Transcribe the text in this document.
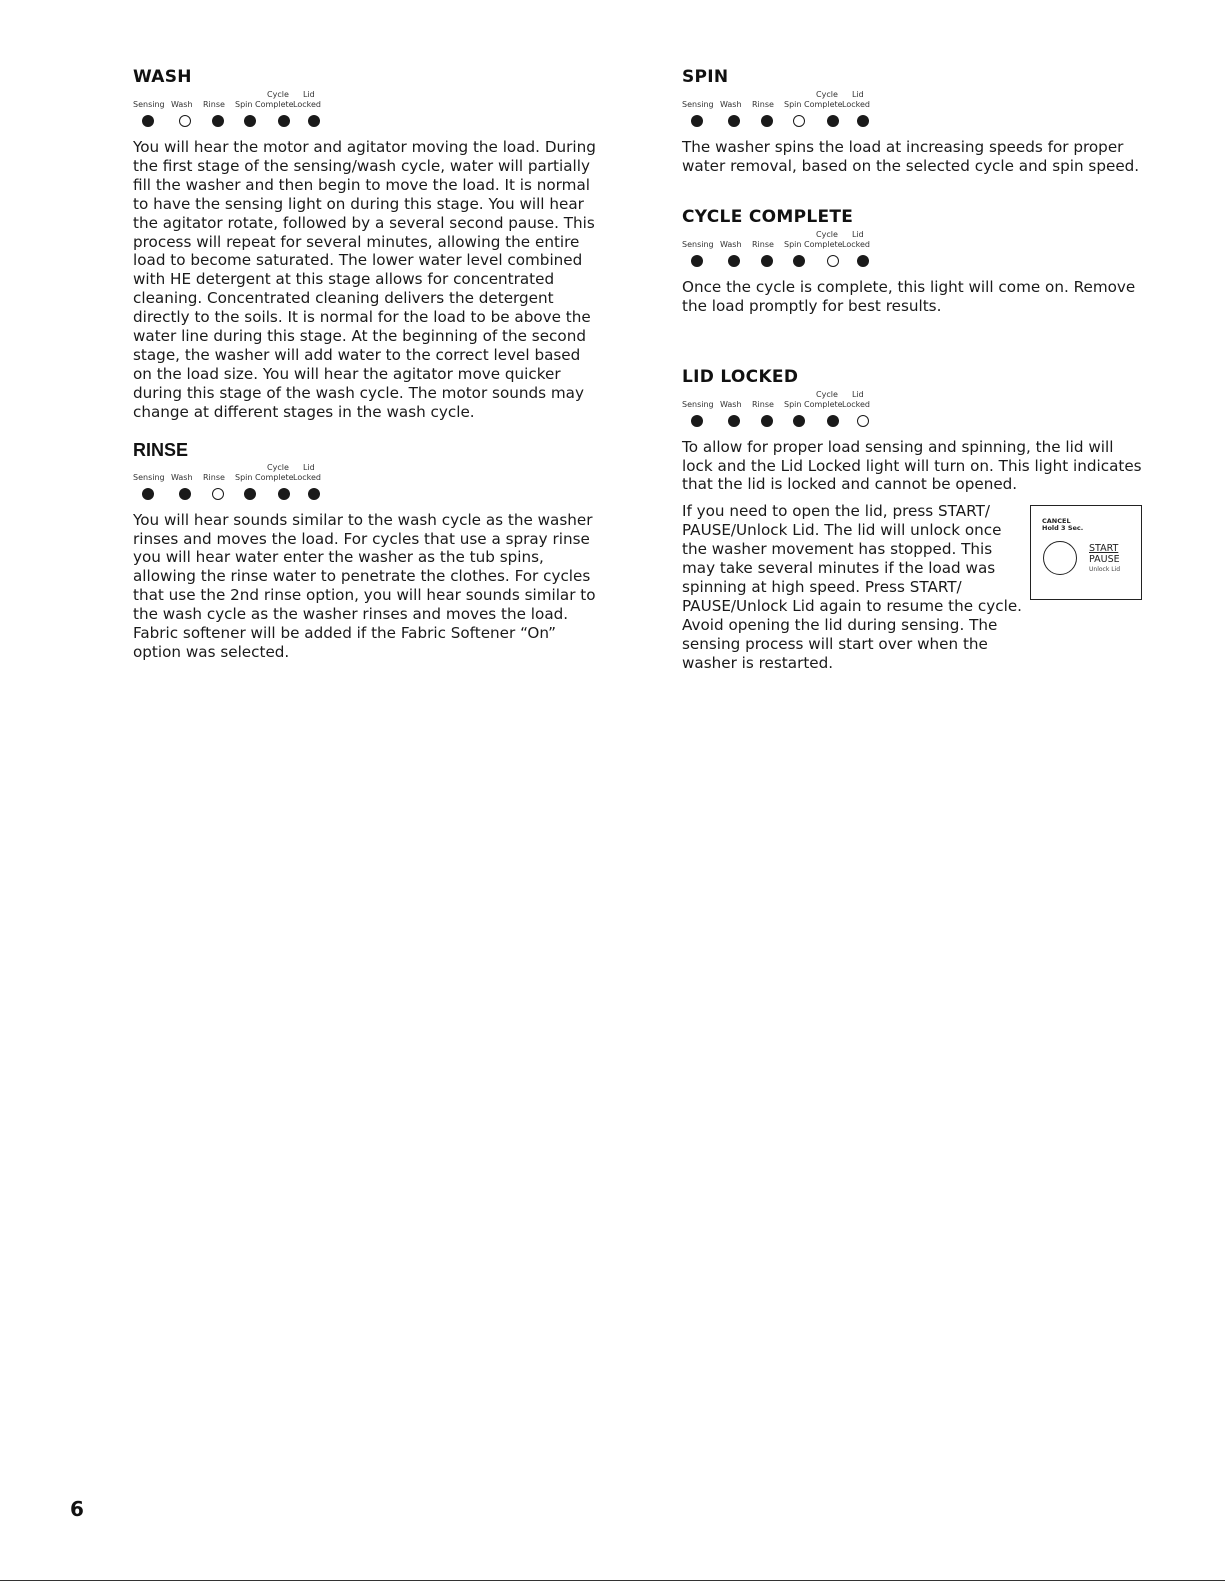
WASH
Sensing Wash Rinse Spin
Cycle
Complete
Lid
Locked

You will hear the motor and agitator moving the load. During the first stage of the sensing/wash cycle, water will partially fill the washer and then begin to move the load. It is normal to have the sensing light on during this stage. You will hear the agitator rotate, followed by a several second pause. This process will repeat for several minutes, allowing the entire load to become saturated. The lower water level combined with HE detergent at this stage allows for concentrated cleaning. Concentrated cleaning delivers the detergent directly to the soils. It is normal for the load to be above the water line during this stage. At the beginning of the second stage, the washer will add water to the correct level based on the load size. You will hear the agitator move quicker during this stage of the wash cycle. The motor sounds may change at different stages in the wash cycle.

RINSE
Sensing Wash Rinse Spin
Cycle
Complete
Lid
Locked

You will hear sounds similar to the wash cycle as the washer rinses and moves the load. For cycles that use a spray rinse you will hear water enter the washer as the tub spins, allowing the rinse water to penetrate the clothes. For cycles that use the 2nd rinse option, you will hear sounds similar to the wash cycle as the washer rinses and moves the load. Fabric softener will be added if the Fabric Softener “On” option was selected.

SPIN
Sensing Wash Rinse Spin
Cycle
Complete
Lid
Locked

The washer spins the load at increasing speeds for proper water removal, based on the selected cycle and spin speed.

CYCLE COMPLETE
Sensing Wash Rinse Spin
Cycle
Complete
Lid
Locked

Once the cycle is complete, this light will come on. Remove the load promptly for best results.

LID LOCKED
Sensing Wash Rinse Spin
Cycle
Complete
Lid
Locked

To allow for proper load sensing and spinning, the lid will lock and the Lid Locked light will turn on. This light indicates that the lid is locked and cannot be opened.

If you need to open the lid, press START/ PAUSE/Unlock Lid. The lid will unlock once the washer movement has stopped. This may take several minutes if the load was spinning at high speed. Press START/ PAUSE/Unlock Lid again to resume the cycle. Avoid opening the lid during sensing. The sensing process will start over when the washer is restarted.

CANCEL
Hold 3 Sec.
START
PAUSE
Unlock Lid
6
